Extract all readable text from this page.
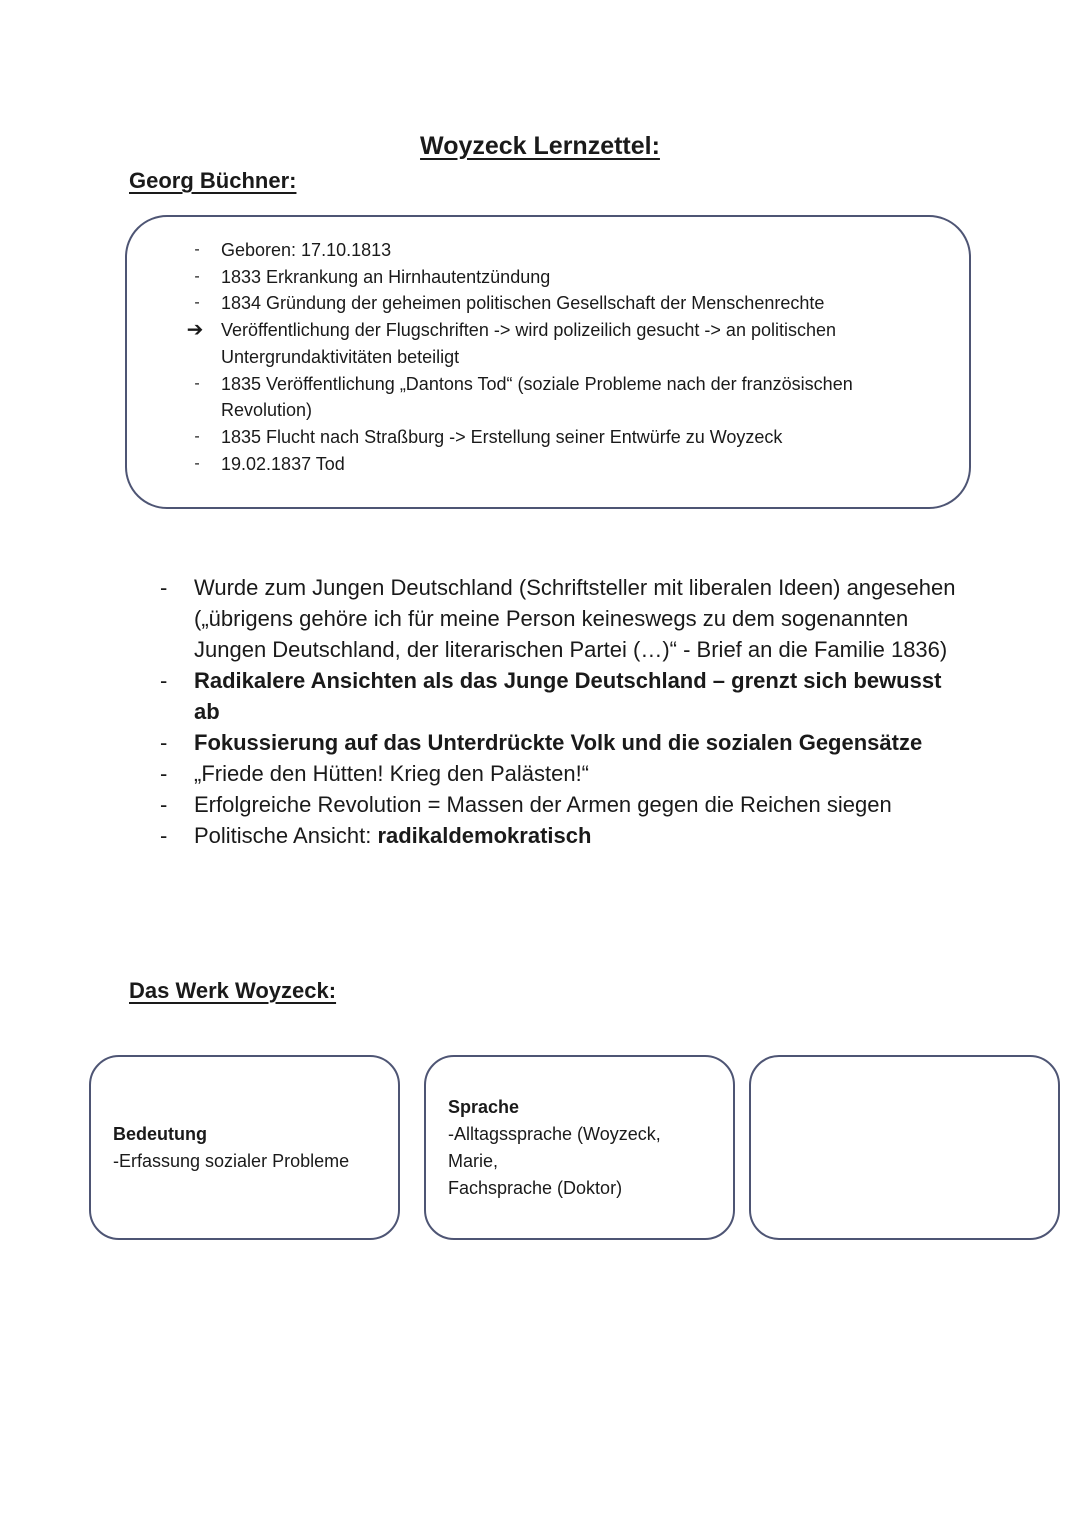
Woyzeck Lernzettel:
Georg Büchner:
-	Geboren: 17.10.1813
-	1833 Erkrankung an Hirnhautentzündung
-	1834 Gründung der geheimen politischen Gesellschaft der Menschenrechte
➔ Veröffentlichung der Flugschriften -> wird polizeilich gesucht -> an politischen Untergrundaktivitäten beteiligt
-	1835 Veröffentlichung „Dantons Tod“ (soziale Probleme nach der französischen Revolution)
-	1835 Flucht nach Straßburg -> Erstellung seiner Entwürfe zu Woyzeck
-	19.02.1837 Tod
- Wurde zum Jungen Deutschland (Schriftsteller mit liberalen Ideen) angesehen („übrigens gehöre ich für meine Person keineswegs zu dem sogenannten Jungen Deutschland, der literarischen Partei (…)“ - Brief an die Familie 1836)
- Radikalere Ansichten als das Junge Deutschland – grenzt sich bewusst ab
- Fokussierung auf das Unterdrückte Volk und die sozialen Gegensätze
- „Friede den Hütten! Krieg den Palästen!“
- Erfolgreiche Revolution = Massen der Armen gegen die Reichen siegen
- Politische Ansicht: radikaldemokratisch
Das Werk Woyzeck:
Bedeutung
-Erfassung sozialer Probleme
Sprache
-Alltagssprache (Woyzeck,
Marie,
Fachsprache (Doktor)
